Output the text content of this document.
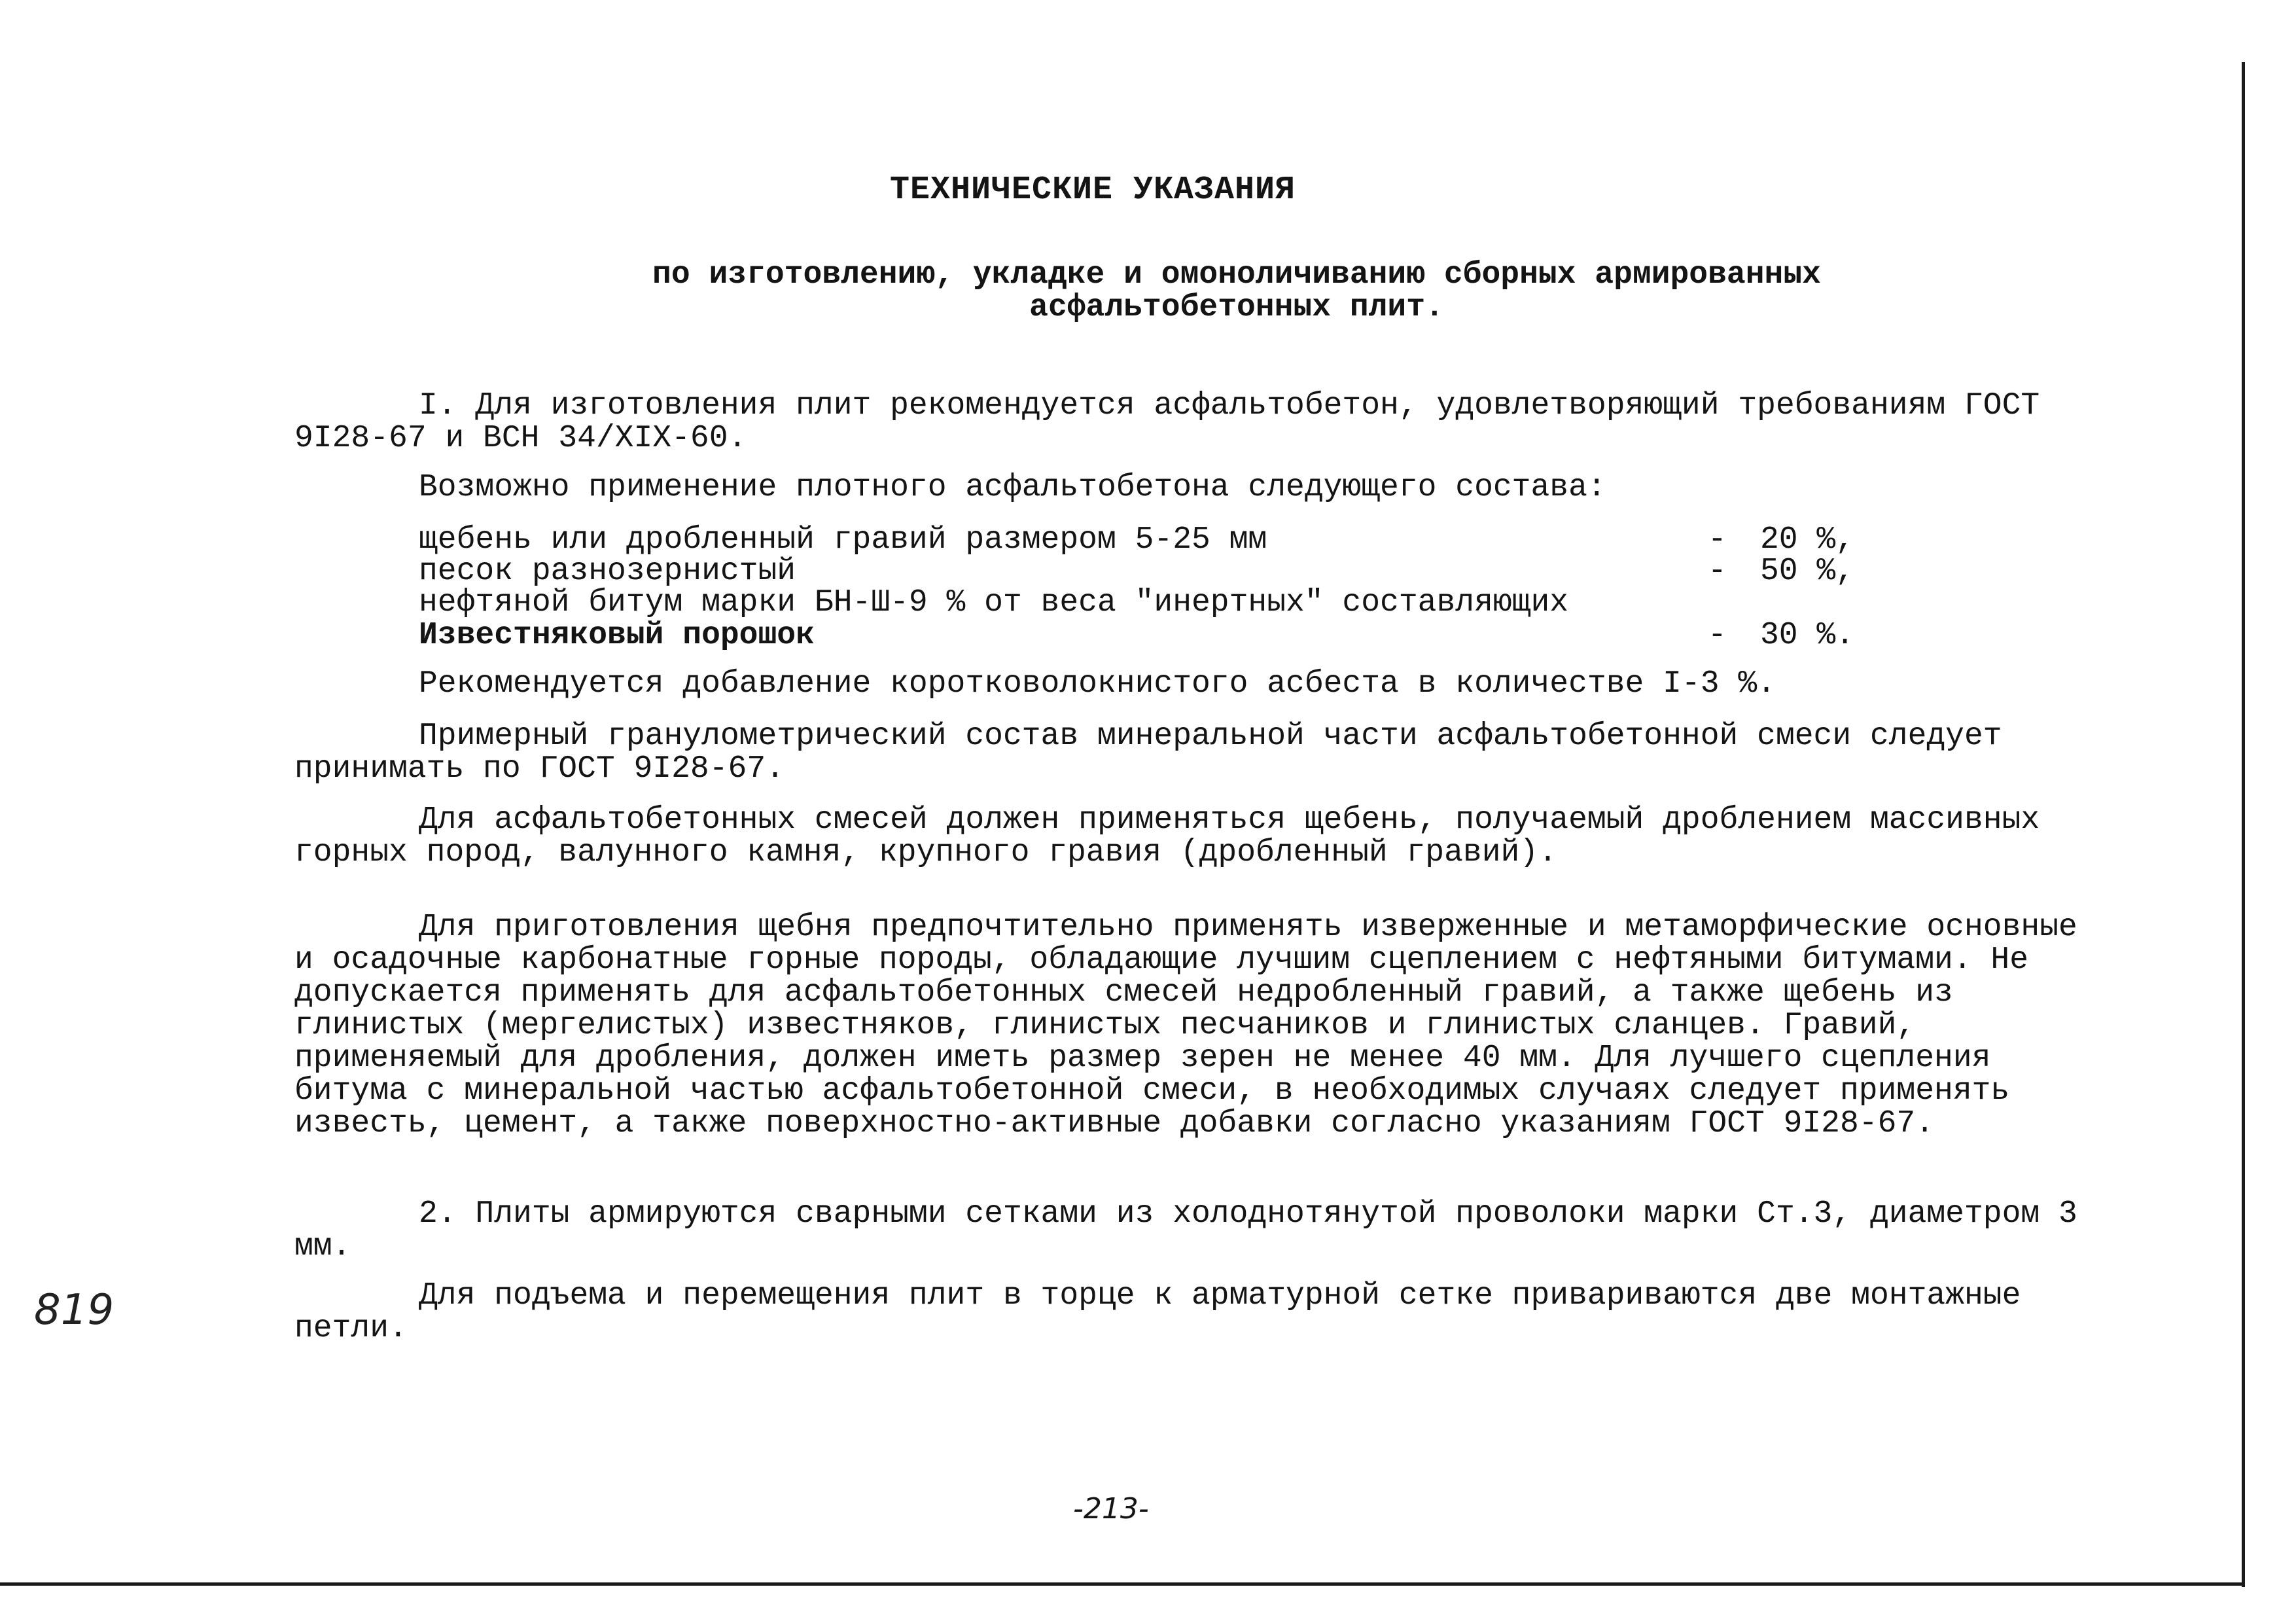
ТЕХНИЧЕСКИЕ УКАЗАНИЯ
по изготовлению, укладке и омоноличиванию сборных армированных асфальтобетонных плит.
I. Для изготовления плит рекомендуется асфальтобетон, удовлетворяющий требованиям ГОСТ 9I28-67 и ВСН 34/XIX-60.
Возможно применение плотного асфальтобетона следующего состава:
щебень или дробленный гравий размером 5-25 мм	- 20 %,
песок разнозернистый	- 50 %,
нефтяной битум марки БН-Ш-9 % от веса "инертных" составляющих
Известняковый порошок	- 30 %.
Рекомендуется добавление коротковолокнистого асбеста в количестве I-3 %.
Примерный гранулометрический состав минеральной части асфальтобетонной смеси следует принимать по ГОСТ 9I28-67.
Для асфальтобетонных смесей должен применяться щебень, получаемый дроблением массивных горных пород, валунного камня, крупного гравия (дробленный гравий).
Для приготовления щебня предпочтительно применять изверженные и метаморфические основные и осадочные карбонатные горные породы, обладающие лучшим сцеплением с нефтяными битумами. Не допускается применять для асфальтобетонных смесей недробленный гравий, а также щебень из глинистых (мергелистых) известняков, глинистых песчаников и глинистых сланцев. Гравий, применяемый для дробления, должен иметь размер зерен не менее 40 мм. Для лучшего сцепления битума с минеральной частью асфальтобетонной смеси, в необходимых случаях следует применять известь, цемент, а также поверхностно-активные добавки согласно указаниям ГОСТ 9I28-67.
2. Плиты армируются сварными сетками из холоднотянутой проволоки марки Ст.3, диаметром 3 мм.
Для подъема и перемещения плит в торце к арматурной сетке привариваются две монтажные петли.
819
-213-
